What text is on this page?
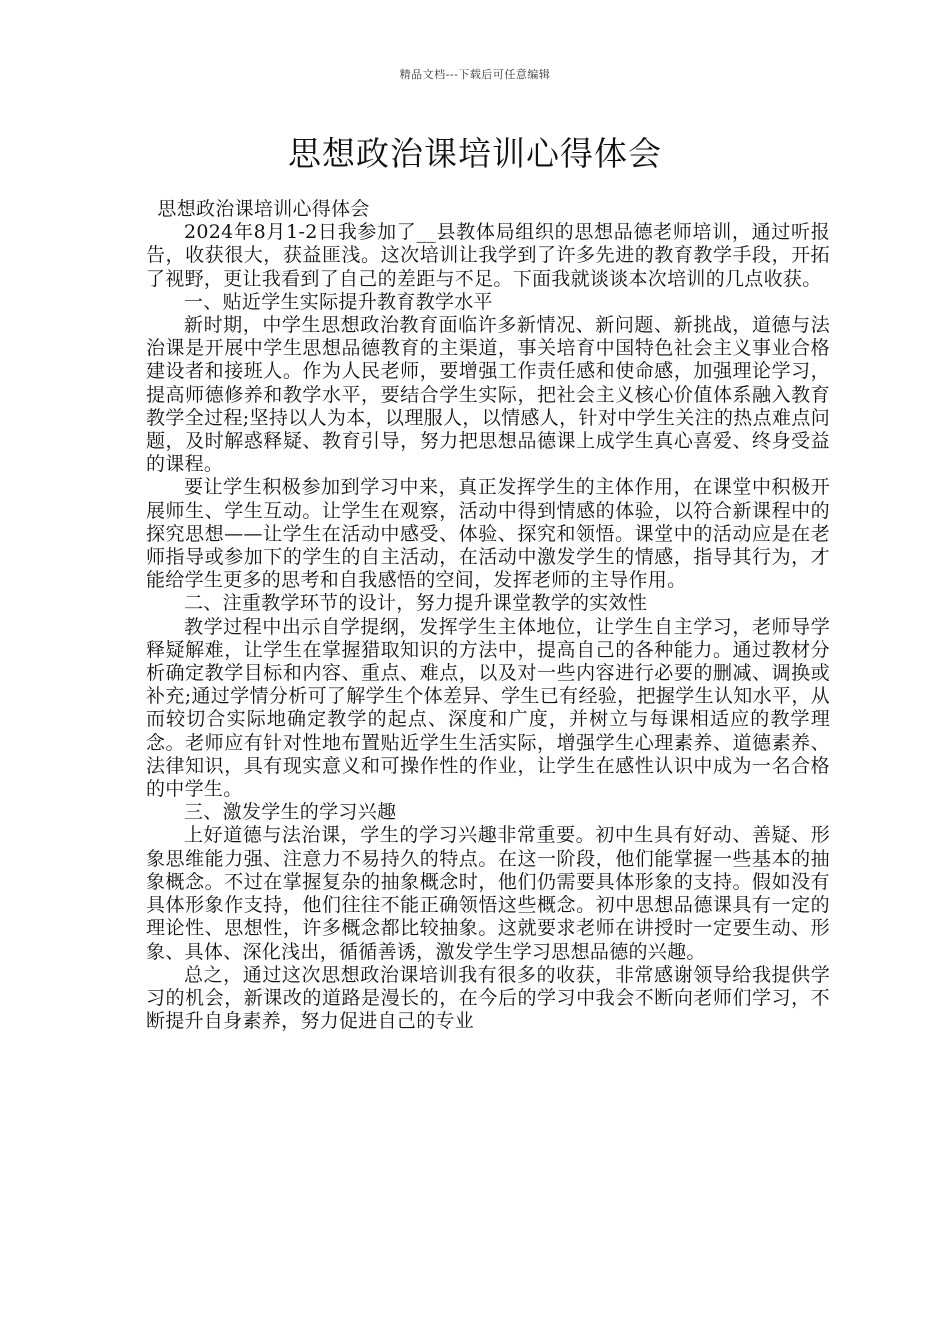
精品文档---下载后可任意编辑
思想政治课培训心得体会

思想政治课培训心得体会

2024年8月1-2日我参加了__县教体局组织的思想品德老师培训，通过听报告，收获很大，获益匪浅。这次培训让我学到了许多先进的教育教学手段，开拓了视野，更让我看到了自己的差距与不足。下面我就谈谈本次培训的几点收获。

一、贴近学生实际提升教育教学水平

新时期，中学生思想政治教育面临许多新情况、新问题、新挑战，道德与法治课是开展中学生思想品德教育的主渠道，事关培育中国特色社会主义事业合格建设者和接班人。作为人民老师，要增强工作责任感和使命感，加强理论学习，提高师德修养和教学水平，要结合学生实际，把社会主义核心价值体系融入教育教学全过程;坚持以人为本，以理服人，以情感人，针对中学生关注的热点难点问题，及时解惑释疑、教育引导，努力把思想品德课上成学生真心喜爱、终身受益的课程。

要让学生积极参加到学习中来，真正发挥学生的主体作用，在课堂中积极开展师生、学生互动。让学生在观察，活动中得到情感的体验，以符合新课程中的探究思想——让学生在活动中感受、体验、探究和领悟。课堂中的活动应是在老师指导或参加下的学生的自主活动，在活动中激发学生的情感，指导其行为，才能给学生更多的思考和自我感悟的空间，发挥老师的主导作用。

二、注重教学环节的设计，努力提升课堂教学的实效性

教学过程中出示自学提纲，发挥学生主体地位，让学生自主学习，老师导学释疑解难，让学生在掌握猎取知识的方法中，提高自己的各种能力。通过教材分析确定教学目标和内容、重点、难点，以及对一些内容进行必要的删减、调换或补充;通过学情分析可了解学生个体差异、学生已有经验，把握学生认知水平，从而较切合实际地确定教学的起点、深度和广度，并树立与每课相适应的教学理念。老师应有针对性地布置贴近学生生活实际，增强学生心理素养、道德素养、法律知识，具有现实意义和可操作性的作业，让学生在感性认识中成为一名合格的中学生。

三、激发学生的学习兴趣

上好道德与法治课，学生的学习兴趣非常重要。初中生具有好动、善疑、形象思维能力强、注意力不易持久的特点。在这一阶段，他们能掌握一些基本的抽象概念。不过在掌握复杂的抽象概念时，他们仍需要具体形象的支持。假如没有具体形象作支持，他们往往不能正确领悟这些概念。初中思想品德课具有一定的理论性、思想性，许多概念都比较抽象。这就要求老师在讲授时一定要生动、形象、具体、深化浅出，循循善诱，激发学生学习思想品德的兴趣。

总之，通过这次思想政治课培训我有很多的收获，非常感谢领导给我提供学习的机会，新课改的道路是漫长的，在今后的学习中我会不断向老师们学习，不断提升自身素养，努力促进自己的专业
